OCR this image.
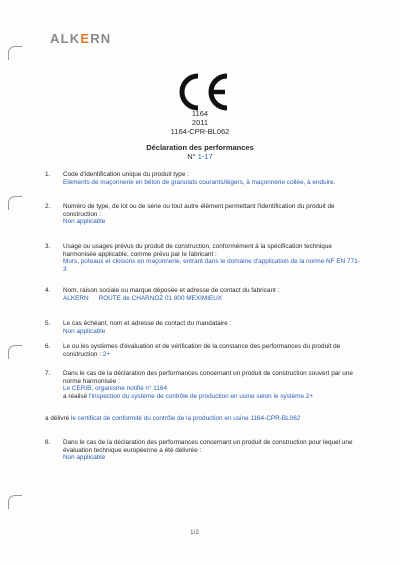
ALKERN
1164
2011
1164-CPR-BL062
Déclaration des performances
N° 1-17
1.	Code d'identification unique du produit type :
Eléments de maçonnerie en béton de granulats courants/légers, à maçonnerie collée, à enduire.
2.	Numéro de type, de lot ou de série ou tout autre élément permettant l'identification du produit de construction :
Non applicable
3.	Usage ou usages prévus du produit de construction, conformément à la spécification technique harmonisée applicable, comme prévu par le fabricant :
Murs, poteaux et cloisons en maçonnerie, entrant dans le domaine d'application de la norme NF EN 771-3
4.	Nom, raison sociale ou marque déposée et adresse de contact du fabricant :
ALKERN ROUTE de CHARNOZ 01 800 MEXIMIEUX
5.	Le cas échéant, nom et adresse de contact du mandataire :
Non applicable
6.	Le ou les systèmes d'évaluation et de vérification de la constance des performances du produit de construction : 2+
7.	Dans le cas de la déclaration des performances concernant un produit de construction couvert par une norme harmonisée :
Le CERIB, organisme notifié n° 1164
a réalisé l'inspection du système de contrôle de production en usine selon le système 2+
a délivré le certificat de conformité du contrôle de la production en usine 1164-CPR-BL062
8.	Dans le cas de la déclaration des performances concernant un produit de construction pour lequel une évaluation technique européenne a été délivrée :
Non applicable
1/2
